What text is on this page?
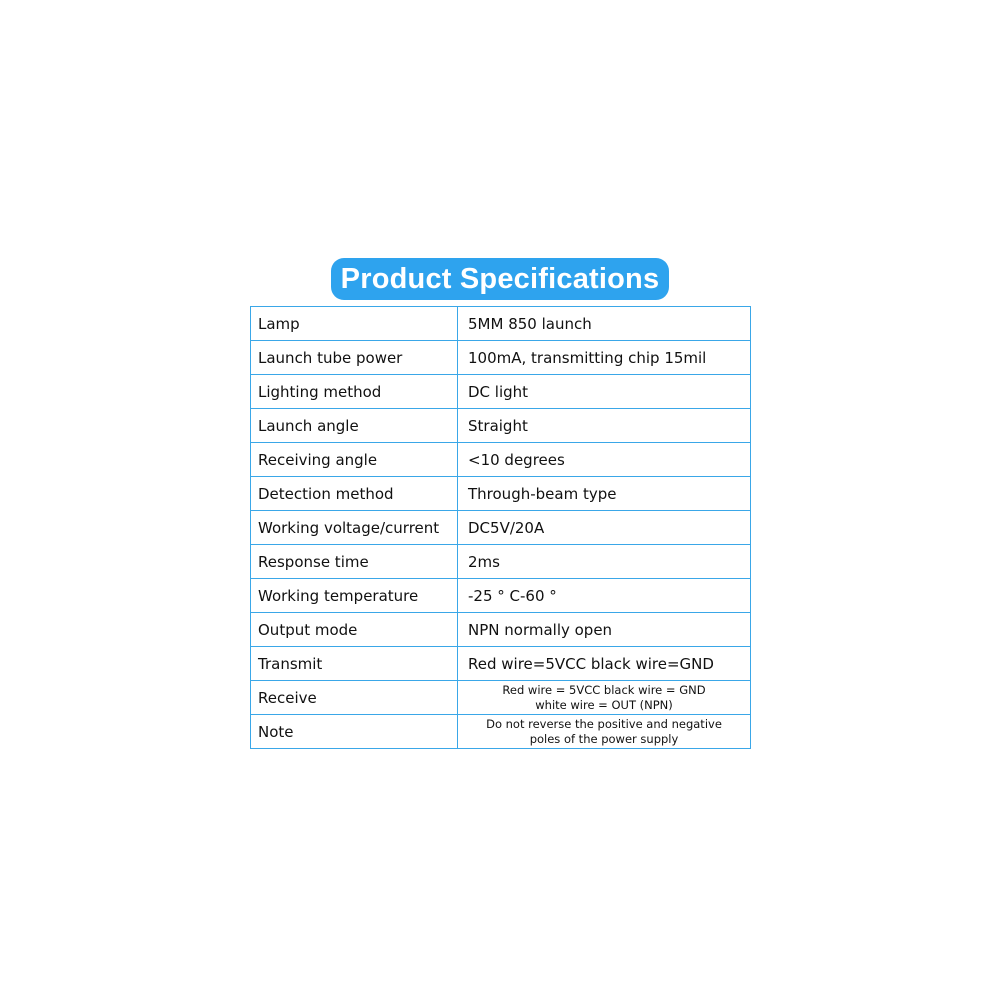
Product Specifications
Lamp	5MM 850 launch
Launch tube power	100mA, transmitting chip 15mil
Lighting method	DC light
Launch angle	Straight
Receiving angle	<10 degrees
Detection method	Through-beam type
Working voltage/current	DC5V/20A
Response time	2ms
Working temperature	-25 ° C-60 °
Output mode	NPN normally open
Transmit	Red wire=5VCC black wire=GND
Receive	Red wire = 5VCC black wire = GND
white wire = OUT (NPN)

Note	Do not reverse the positive and negative
poles of the power supply
